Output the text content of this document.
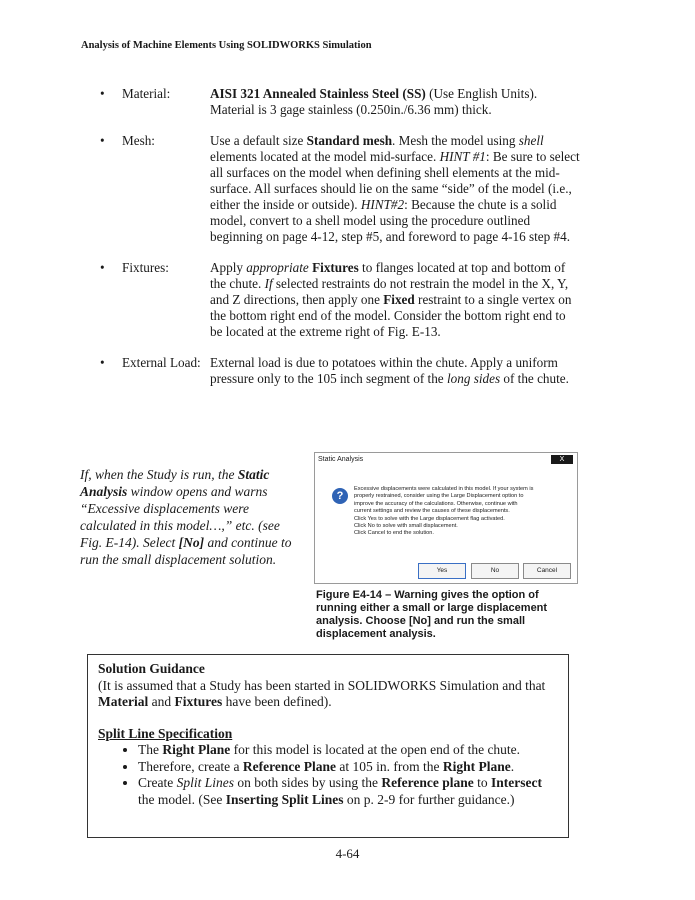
Analysis of Machine Elements Using SOLIDWORKS Simulation
• Material:	AISI 321 Annealed Stainless Steel (SS) (Use English Units).
Material is 3 gage stainless (0.250in./6.36 mm) thick.
• Mesh:	Use a default size Standard mesh. Mesh the model using shell elements located at the model mid-surface. HINT #1: Be sure to select all surfaces on the model when defining shell elements at the mid-surface. All surfaces should lie on the same “side” of the model (i.e., either the inside or outside). HINT#2: Because the chute is a solid model, convert to a shell model using the procedure outlined beginning on page 4-12, step #5, and foreword to page 4-16 step #4.
• Fixtures:	Apply appropriate Fixtures to flanges located at top and bottom of the chute. If selected restraints do not restrain the model in the X, Y, and Z directions, then apply one Fixed restraint to a single vertex on the bottom right end of the model. Consider the bottom right end to be located at the extreme right of Fig. E-13.
• External Load: External load is due to potatoes within the chute. Apply a uniform pressure only to the 105 inch segment of the long sides of the chute.
If, when the Study is run, the Static Analysis window opens and warns “Excessive displacements were calculated in this model…,” etc. (see Fig. E-14). Select [No] and continue to run the small displacement solution.
Static Analysis	X
?
Excessive displacements were calculated in this model. If your system is
properly restrained, consider using the Large Displacement option to
improve the accuracy of the calculations. Otherwise, continue with
current settings and review the causes of these displacements.
Click Yes to solve with the Large displacement flag activated.
Click No to solve with small displacement.
Click Cancel to end the solution.
Yes	No	Cancel
Figure E4-14 – Warning gives the option of running either a small or large displacement analysis. Choose [No] and run the small displacement analysis.
Solution Guidance
(It is assumed that a Study has been started in SOLIDWORKS Simulation and that Material and Fixtures have been defined).
Split Line Specification
• The Right Plane for this model is located at the open end of the chute.
• Therefore, create a Reference Plane at 105 in. from the Right Plane.
• Create Split Lines on both sides by using the Reference plane to Intersect the model. (See Inserting Split Lines on p. 2-9 for further guidance.)
4-64
